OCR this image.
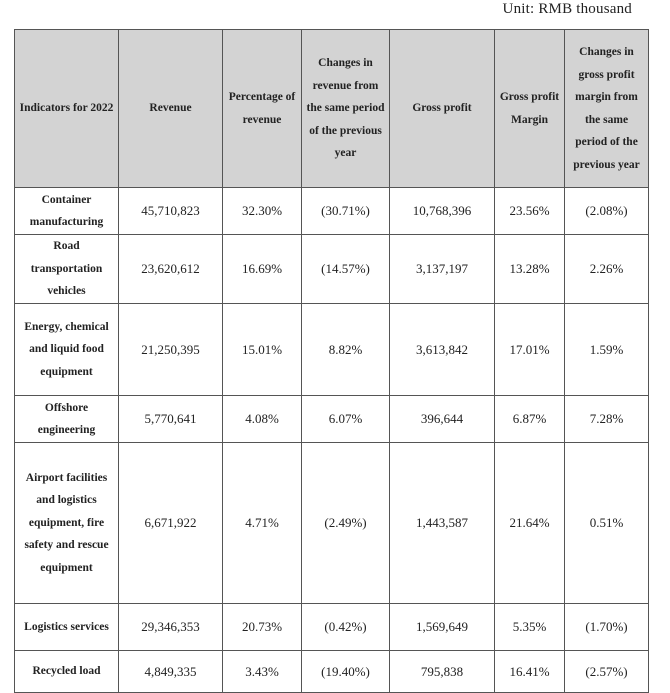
Unit: RMB thousand
Indicators for 2022	Revenue	Percentage of revenue	Changes in revenue from the same period of the previous year	Gross profit	Gross profit Margin	Changes in gross profit margin from the same period of the previous year
Container manufacturing	45,710,823	32.30%	(30.71%)	10,768,396	23.56%	(2.08%)
Road transportation vehicles	23,620,612	16.69%	(14.57%)	3,137,197	13.28%	2.26%
Energy, chemical and liquid food equipment	21,250,395	15.01%	8.82%	3,613,842	17.01%	1.59%
Offshore engineering	5,770,641	4.08%	6.07%	396,644	6.87%	7.28%
Airport facilities and logistics equipment, fire safety and rescue equipment	6,671,922	4.71%	(2.49%)	1,443,587	21.64%	0.51%
Logistics services	29,346,353	20.73%	(0.42%)	1,569,649	5.35%	(1.70%)
Recycled load	4,849,335	3.43%	(19.40%)	795,838	16.41%	(2.57%)
